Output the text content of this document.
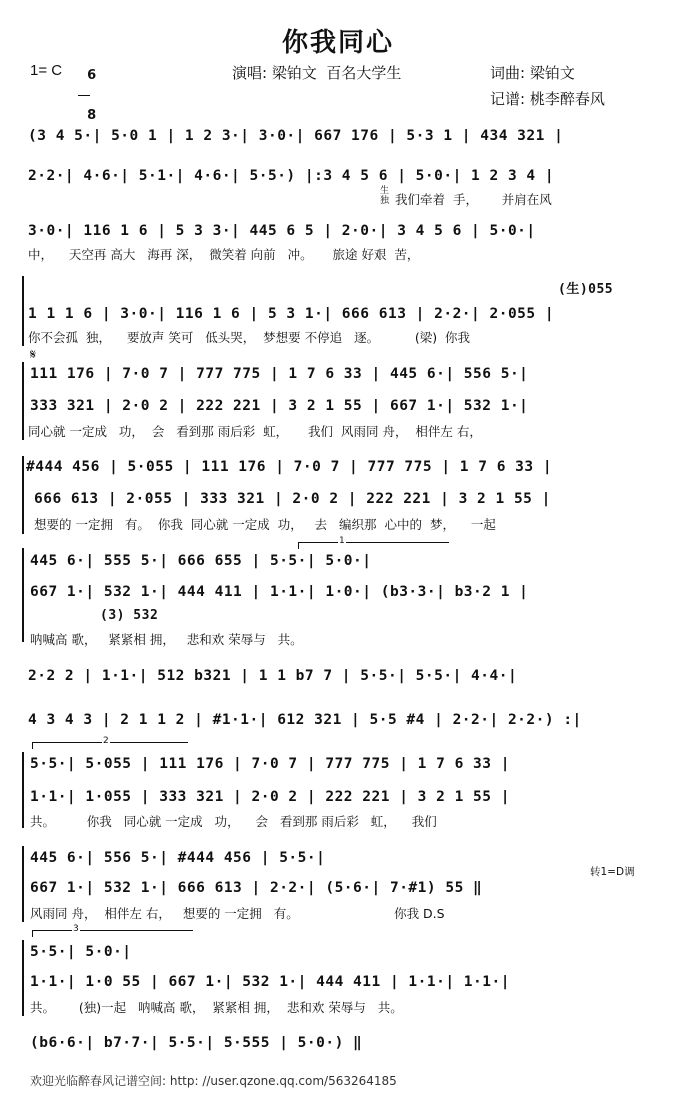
你我同心
1= C	6

8

演唱: 梁铂文  百名大学生	词曲: 梁铂文
记谱: 桃李醉春风
(3 4 5·| 5·0 1 | 1 2 3·| 3·0·| 667 176 | 5·3 1 | 434 321 |
2·2·| 4·6·| 5·1·| 4·6·| 5·5·) |:3 4 5 6 | 5·0·| 1 2 3 4 |
生
独 我们牵着  手，      并肩在风
3·0·| 116 1 6 | 5 3 3·| 445 6 5 | 2·0·| 3 4 5 6 | 5·0·|
中，    天空再 高大   海再 深，  微笑着 向前   冲。     旅途 好艰  苦，
(生)055
1 1 1 6 | 3·0·| 116 1 6 | 5 3 1·| 666 613 | 2·2·| 2·055 |
你不会孤  独，    要放声 笑可   低头哭，  梦想要 不停追   逐。         (梁)  你我
𝄋
111 176 | 7·0 7 | 777 775 | 1 7 6 33 | 445 6·| 556 5·|
333 321 | 2·0 2 | 222 221 | 3 2 1 55 | 667 1·| 532 1·|
同心就 一定成   功，  会   看到那 雨后彩  虹，     我们  风雨同 舟，  相伴左 右，
#444 456 | 5·055 | 111 176 | 7·0 7 | 777 775 | 1 7 6 33 |
666 613 | 2·055 | 333 321 | 2·0 2 | 222 221 | 3 2 1 55 |
想要的 一定拥   有。  你我  同心就 一定成  功，   去   编织那  心中的  梦，    一起
1
445 6·| 555 5·| 666 655 | 5·5·| 5·0·|
667 1·| 532 1·| 444 411 | 1·1·| 1·0·| (b3·3·| b3·2 1 |
(3) 532
呐喊高 歌，   紧紧相 拥，   悲和欢 荣辱与   共。
2·2 2 | 1·1·| 512 b321 | 1 1 b7 7 | 5·5·| 5·5·| 4·4·|
4 3 4 3 | 2 1 1 2 | #1·1·| 612 321 | 5·5 #4 | 2·2·| 2·2·) :|
2
5·5·| 5·055 | 111 176 | 7·0 7 | 777 775 | 1 7 6 33 |
1·1·| 1·055 | 333 321 | 2·0 2 | 222 221 | 3 2 1 55 |
共。        你我   同心就 一定成   功，    会   看到那 雨后彩   虹，    我们
转1=D调
445 6·| 556 5·| #444 456 | 5·5·|
667 1·| 532 1·| 666 613 | 2·2·| (5·6·| 7·#1) 55 ‖
风雨同 舟，  相伴左 右，   想要的 一定拥   有。                        你我 D.S
3
5·5·| 5·0·|
1·1·| 1·0 55 | 667 1·| 532 1·| 444 411 | 1·1·| 1·1·|
共。      (独)一起   呐喊高 歌，  紧紧相 拥，  悲和欢 荣辱与   共。
(b6·6·| b7·7·| 5·5·| 5·555 | 5·0·) ‖
欢迎光临醉春风记谱空间: http: //user.qzone.qq.com/563264185
